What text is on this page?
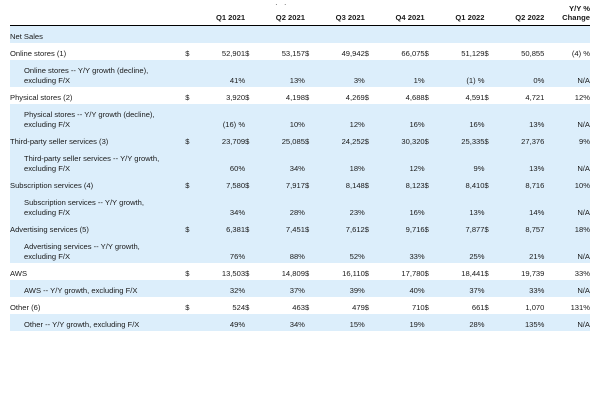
· ·
		Q1 2021		Q2 2021		Q3 2021		Q4 2021		Q1 2022		Q2 2022	Y/Y %
Change

Net Sales													
Online stores (1)	$	52,901	$	53,157	$	49,942	$	66,075	$	51,129	$	50,855	(4) %

Online stores -- Y/Y growth (decline),
excluding F/X		41%		13%		3%		1%		(1) %		0%	N/A
Physical stores (2)	$	3,920	$	4,198	$	4,269	$	4,688	$	4,591	$	4,721	12%

Physical stores -- Y/Y growth (decline),
excluding F/X		(16) %		10%		12%		16%		16%		13%	N/A
Third-party seller services (3)	$	23,709	$	25,085	$	24,252	$	30,320	$	25,335	$	27,376	9%

Third-party seller services -- Y/Y growth,
excluding F/X		60%		34%		18%		12%		9%		13%	N/A
Subscription services (4)	$	7,580	$	7,917	$	8,148	$	8,123	$	8,410	$	8,716	10%

Subscription services -- Y/Y growth,
excluding F/X		34%		28%		23%		16%		13%		14%	N/A
Advertising services (5)	$	6,381	$	7,451	$	7,612	$	9,716	$	7,877	$	8,757	18%

Advertising services -- Y/Y growth,
excluding F/X		76%		88%		52%		33%		25%		21%	N/A
AWS	$	13,503	$	14,809	$	16,110	$	17,780	$	18,441	$	19,739	33%
AWS -- Y/Y growth, excluding F/X		32%		37%		39%		40%		37%		33%	N/A
Other (6)	$	524	$	463	$	479	$	710	$	661	$	1,070	131%
Other -- Y/Y growth, excluding F/X		49%		34%		15%		19%		28%		135%	N/A
